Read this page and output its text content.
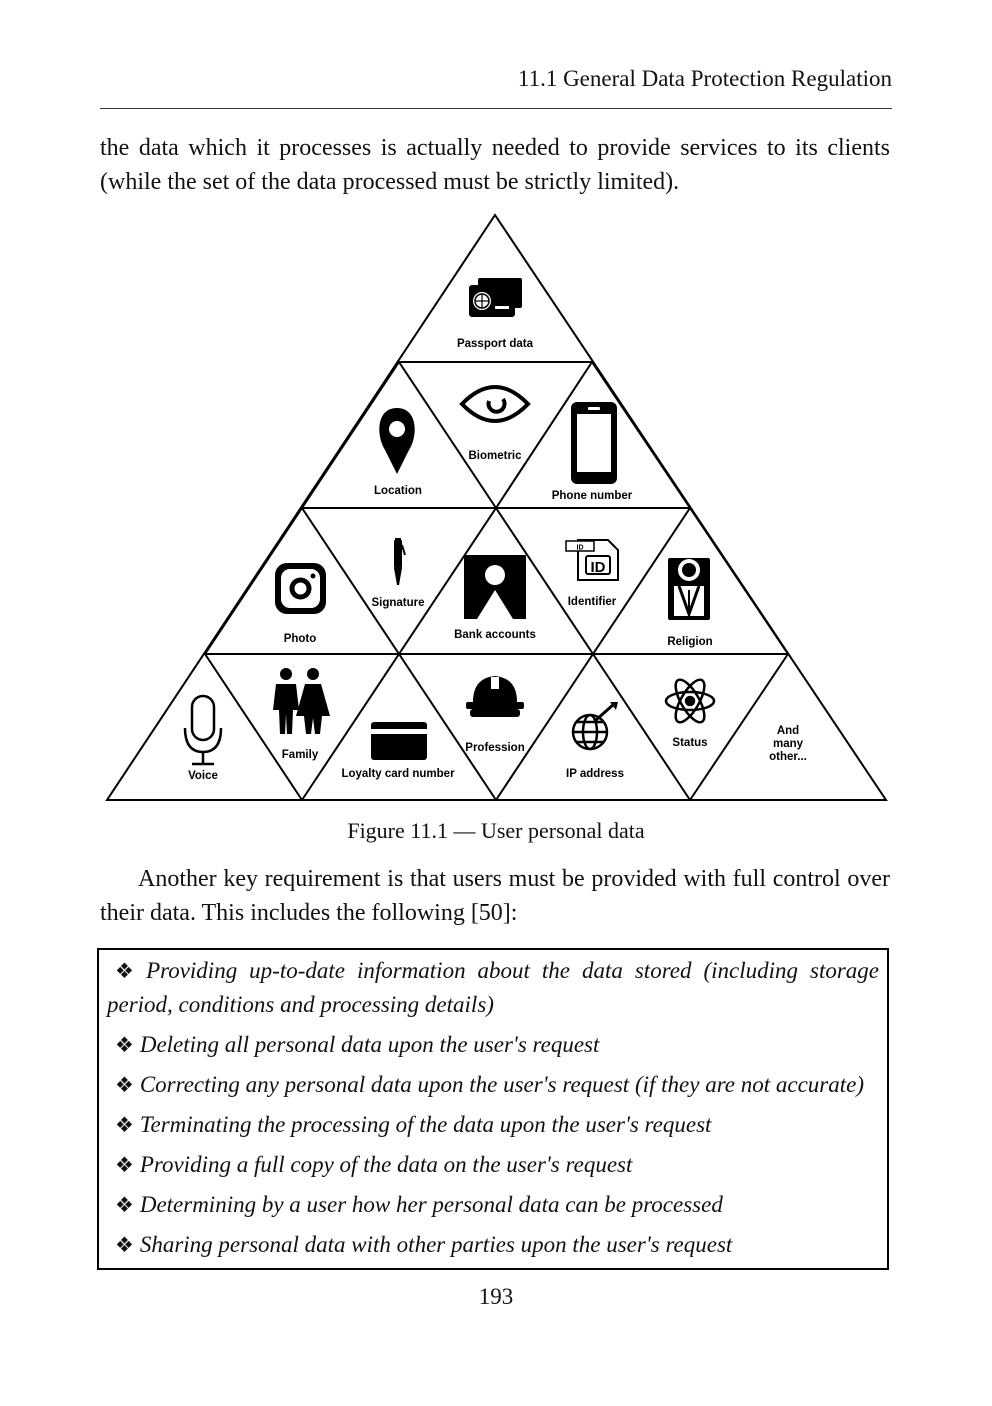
11.1 General Data Protection Regulation
the data which it processes is actually needed to provide services to its clients (while the set of the data processed must be strictly limited).
Passport data
Biometric
Location	Phone number
Photo
Signature
Bank accounts
ID
ID
Identifier
Religion
Voice
Family
Loyalty card number
Profession
IP address
Status
And
many
other...
Figure 11.1 — User personal data
Another key requirement is that users must be provided with full control over their data. This includes the following [50]:
❖ Providing up-to-date information about the data stored (including storage period, conditions and processing details)
❖ Deleting all personal data upon the user's request
❖ Correcting any personal data upon the user's request (if they are not accurate)
❖ Terminating the processing of the data upon the user's request
❖ Providing a full copy of the data on the user's request
❖ Determining by a user how her personal data can be processed
❖ Sharing personal data with other parties upon the user's request
193
